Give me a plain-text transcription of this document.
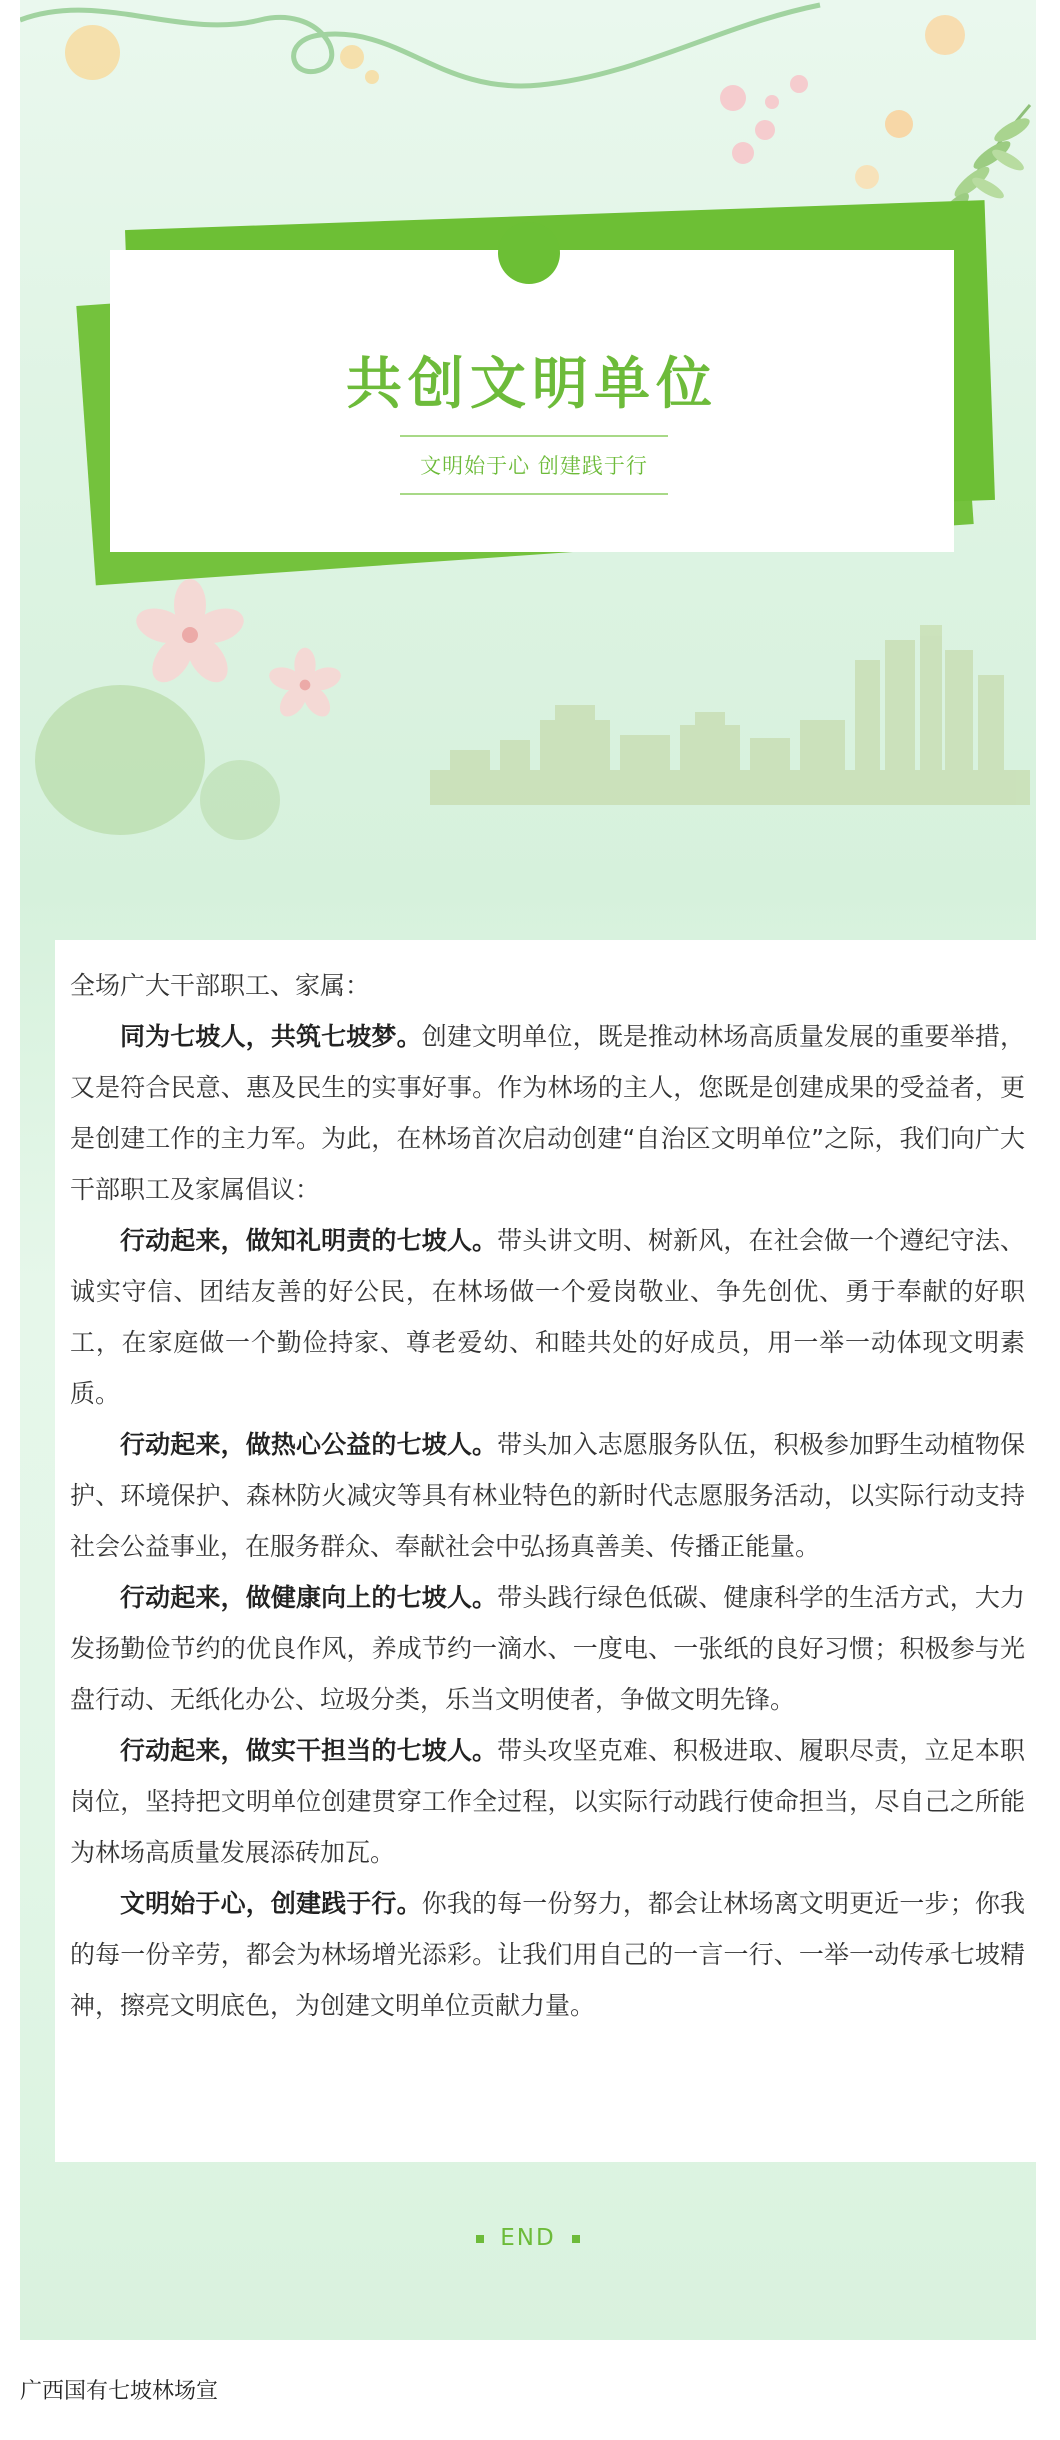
共创文明单位
文明始于心 创建践于行

全场广大干部职工、家属：

同为七坡人，共筑七坡梦。创建文明单位，既是推动林场高质量发展的重要举措，又是符合民意、惠及民生的实事好事。作为林场的主人，您既是创建成果的受益者，更是创建工作的主力军。为此，在林场首次启动创建“自治区文明单位”之际，我们向广大干部职工及家属倡议：

行动起来，做知礼明责的七坡人。带头讲文明、树新风，在社会做一个遵纪守法、诚实守信、团结友善的好公民，在林场做一个爱岗敬业、争先创优、勇于奉献的好职工，在家庭做一个勤俭持家、尊老爱幼、和睦共处的好成员，用一举一动体现文明素质。

行动起来，做热心公益的七坡人。带头加入志愿服务队伍，积极参加野生动植物保护、环境保护、森林防火减灾等具有林业特色的新时代志愿服务活动，以实际行动支持社会公益事业，在服务群众、奉献社会中弘扬真善美、传播正能量。

行动起来，做健康向上的七坡人。带头践行绿色低碳、健康科学的生活方式，大力发扬勤俭节约的优良作风，养成节约一滴水、一度电、一张纸的良好习惯；积极参与光盘行动、无纸化办公、垃圾分类，乐当文明使者，争做文明先锋。

行动起来，做实干担当的七坡人。带头攻坚克难、积极进取、履职尽责，立足本职岗位，坚持把文明单位创建贯穿工作全过程，以实际行动践行使命担当，尽自己之所能为林场高质量发展添砖加瓦。

文明始于心，创建践于行。你我的每一份努力，都会让林场离文明更近一步；你我的每一份辛劳，都会为林场增光添彩。让我们用自己的一言一行、一举一动传承七坡精神，擦亮文明底色，为创建文明单位贡献力量。

END
广西国有七坡林场宣
